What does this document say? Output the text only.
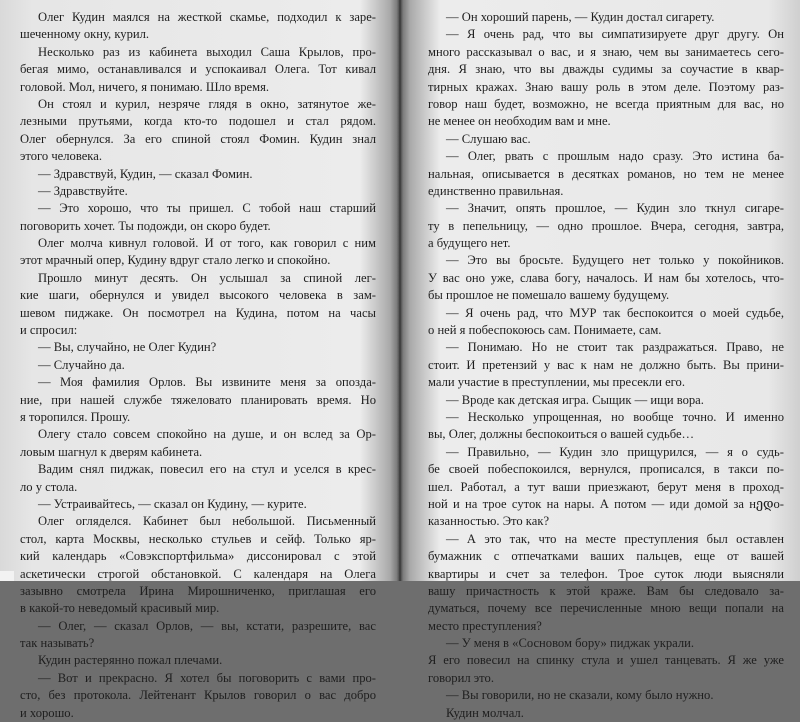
Олег Кудин маялся на жесткой скамье, подходил к заре-
шеченному окну, курил.
Несколько раз из кабинета выходил Саша Крылов, про-
бегая мимо, останавливался и успокаивал Олега. Тот кивал
головой. Мол, ничего, я понимаю. Шло время.
Он стоял и курил, незряче глядя в окно, затянутое же-
лезными прутьями, когда кто-то подошел и стал рядом.
Олег обернулся. За его спиной стоял Фомин. Кудин знал
этого человека.
— Здравствуй, Кудин, — сказал Фомин.
— Здравствуйте.
— Это хорошо, что ты пришел. С тобой наш старший
поговорить хочет. Ты подожди, он скоро будет.
Олег молча кивнул головой. И от того, как говорил с ним
этот мрачный опер, Кудину вдруг стало легко и спокойно.
Прошло минут десять. Он услышал за спиной лег-
кие шаги, обернулся и увидел высокого человека в зам-
шевом пиджаке. Он посмотрел на Кудина, потом на часы
и спросил:
— Вы, случайно, не Олег Кудин?
— Случайно да.
— Моя фамилия Орлов. Вы извините меня за опозда-
ние, при нашей службе тяжеловато планировать время. Но
я торопился. Прошу.
Олегу стало совсем спокойно на душе, и он вслед за Ор-
ловым шагнул к дверям кабинета.
Вадим снял пиджак, повесил его на стул и уселся в крес-
ло у стола.
— Устраивайтесь, — сказал он Кудину, — курите.
Олег огляделся. Кабинет был небольшой. Письменный
стол, карта Москвы, несколько стульев и сейф. Только яр-
кий календарь «Совэкспортфильма» диссонировал с этой
аскетически строгой обстановкой. С календаря на Олега
зазывно смотрела Ирина Мирошниченко, приглашая его
в какой-то неведомый красивый мир.
— Олег, — сказал Орлов, — вы, кстати, разрешите, вас
так называть?
Кудин растерянно пожал плечами.
— Вот и прекрасно. Я хотел бы поговорить с вами про-
сто, без протокола. Лейтенант Крылов говорил о вас добро
и хорошо.
— Он хороший парень, — Кудин достал сигарету.
— Я очень рад, что вы симпатизируете друг другу. Он
много рассказывал о вас, и я знаю, чем вы занимаетесь сего-
дня. Я знаю, что вы дважды судимы за соучастие в квар-
тирных кражах. Знаю вашу роль в этом деле. Поэтому раз-
говор наш будет, возможно, не всегда приятным для вас, но
не менее он необходим вам и мне.
— Слушаю вас.
— Олег, рвать с прошлым надо сразу. Это истина ба-
нальная, описывается в десятках романов, но тем не менее
единственно правильная.
— Значит, опять прошлое, — Кудин зло ткнул сигаре-
ту в пепельницу, — одно прошлое. Вчера, сегодня, завтра,
а будущего нет.
— Это вы бросьте. Будущего нет только у покойников.
У вас оно уже, слава богу, началось. И нам бы хотелось, что-
бы прошлое не помешало вашему будущему.
— Я очень рад, что МУР так беспокоится о моей судьбе,
о ней я побеспокоюсь сам. Понимаете, сам.
— Понимаю. Но не стоит так раздражаться. Право, не
стоит. И претензий у вас к нам не должно быть. Вы прини-
мали участие в преступлении, мы пресекли его.
— Вроде как детская игра. Сыщик — ищи вора.
— Несколько упрощенная, но вообще точно. И именно
вы, Олег, должны беспокоиться о вашей судьбе…
— Правильно, — Кудин зло прищурился, — я о судь-
бе своей побеспокоился, вернулся, прописался, в такси по-
шел. Работал, а тут ваши приезжают, берут меня в проход-
ной и на трое суток на нары. А потом — иди домой за нედо-
казанностью. Это как?
— А это так, что на месте преступления был оставлен
бумажник с отпечатками ваших пальцев, еще от вашей
квартиры и счет за телефон. Трое суток люди выясняли
вашу причастность к этой краже. Вам бы следовало за-
думаться, почему все перечисленные мною вещи попали на
место преступления?
— У меня в «Сосновом бору» пиджак украли.
Я его повесил на спинку стула и ушел танцевать. Я же уже
говорил это.
— Вы говорили, но не сказали, кому было нужно.
Кудин молчал.
